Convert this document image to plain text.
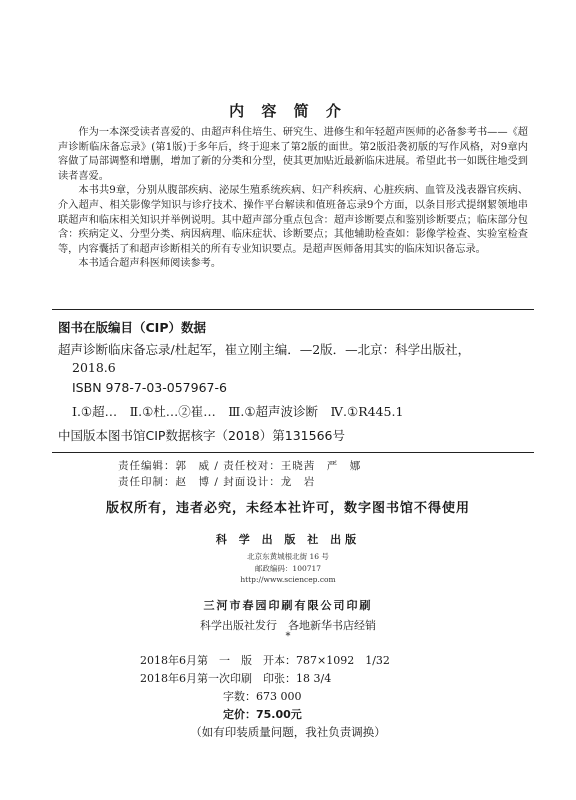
内 容 简 介

作为一本深受读者喜爱的、由超声科住培生、研究生、进修生和年轻超声医师的必备参考书——《超声诊断临床备忘录》(第1版)于多年后，终于迎来了第2版的面世。第2版沿袭初版的写作风格，对9章内容做了局部调整和增删，增加了新的分类和分型，使其更加贴近最新临床进展。希望此书一如既往地受到读者喜爱。

本书共9章，分别从腹部疾病、泌尿生殖系统疾病、妇产科疾病、心脏疾病、血管及浅表器官疾病、介入超声、相关影像学知识与诊疗技术、操作平台解读和值班备忘录9个方面，以条目形式提纲絜领地串联超声和临床相关知识并举例说明。其中超声部分重点包含：超声诊断要点和鉴别诊断要点；临床部分包含：疾病定义、分型分类、病因病理、临床症状、诊断要点；其他辅助检查如：影像学检查、实验室检查等，内容囊括了和超声诊断相关的所有专业知识要点。是超声医师备用其实的临床知识备忘录。

本书适合超声科医师阅读参考。

图书在版编目（CIP）数据
超声诊断临床备忘录/杜起军，崔立刚主编．—2版．—北京：科学出版社，
2018.6
ISBN 978-7-03-057967-6
Ⅰ.①超…　Ⅱ.①杜…②崔…　Ⅲ.①超声波诊断　Ⅳ.①R445.1
中国版本图书馆CIP数据核字（2018）第131566号
责任编辑：郭　威 / 责任校对：王晓茜　严　娜
责任印制：赵　博 / 封面设计：龙　岩
版权所有，违者必究，未经本社许可，数字图书馆不得使用
科 学 出 版 社 出版
北京东黄城根北街 16 号
邮政编码：100717
http://www.sciencep.com
三河市春园印刷有限公司印刷
科学出版社发行　各地新华书店经销
*
2018年6月第　一　版　开本：787×1092　1/32
2018年6月第一次印刷　印张：18 3/4
字数：673 000
定价：75.00元
（如有印装质量问题，我社负责调换）
